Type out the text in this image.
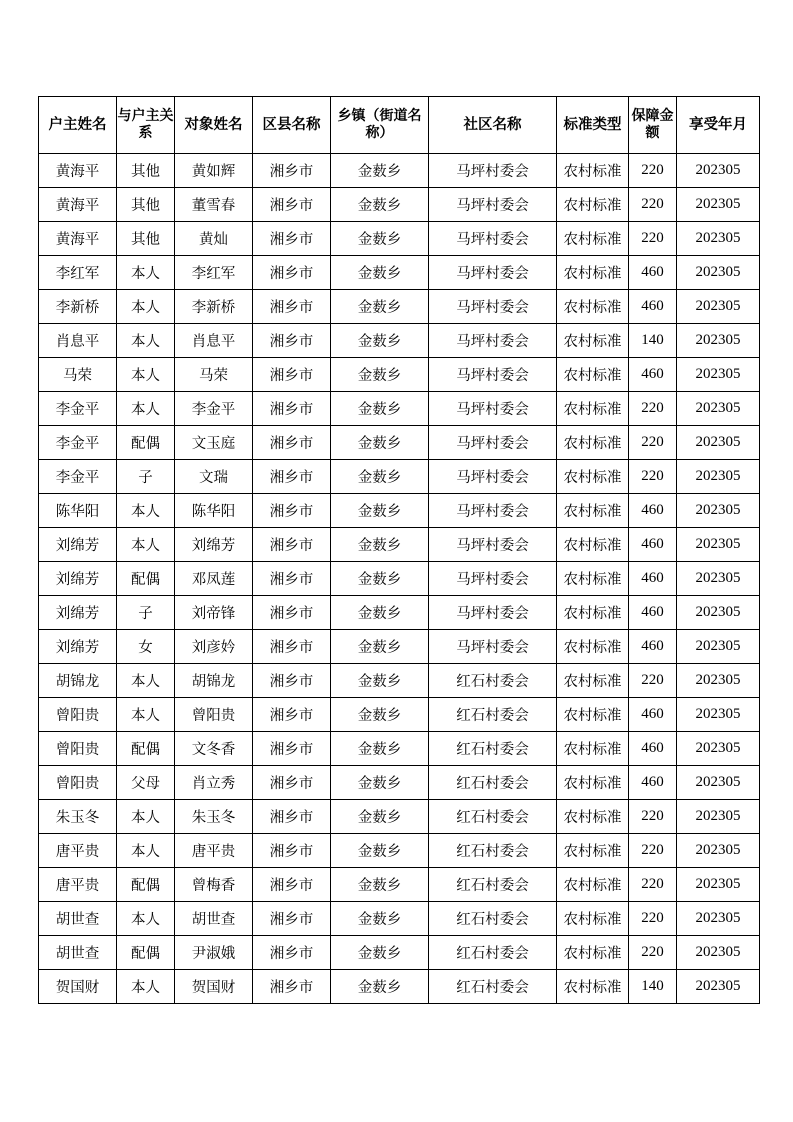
户主姓名	与户主关系	对象姓名	区县名称	乡镇（街道名称）	社区名称	标准类型	保障金额	享受年月
黄海平	其他	黄如辉	湘乡市	金薮乡	马坪村委会	农村标准	220	202305
黄海平	其他	董雪春	湘乡市	金薮乡	马坪村委会	农村标准	220	202305
黄海平	其他	黄灿	湘乡市	金薮乡	马坪村委会	农村标准	220	202305
李红军	本人	李红军	湘乡市	金薮乡	马坪村委会	农村标准	460	202305
李新桥	本人	李新桥	湘乡市	金薮乡	马坪村委会	农村标准	460	202305
肖息平	本人	肖息平	湘乡市	金薮乡	马坪村委会	农村标准	140	202305
马荣	本人	马荣	湘乡市	金薮乡	马坪村委会	农村标准	460	202305
李金平	本人	李金平	湘乡市	金薮乡	马坪村委会	农村标准	220	202305
李金平	配偶	文玉庭	湘乡市	金薮乡	马坪村委会	农村标准	220	202305
李金平	子	文瑞	湘乡市	金薮乡	马坪村委会	农村标准	220	202305
陈华阳	本人	陈华阳	湘乡市	金薮乡	马坪村委会	农村标准	460	202305
刘绵芳	本人	刘绵芳	湘乡市	金薮乡	马坪村委会	农村标准	460	202305
刘绵芳	配偶	邓凤莲	湘乡市	金薮乡	马坪村委会	农村标准	460	202305
刘绵芳	子	刘帝锋	湘乡市	金薮乡	马坪村委会	农村标准	460	202305
刘绵芳	女	刘彦妗	湘乡市	金薮乡	马坪村委会	农村标准	460	202305
胡锦龙	本人	胡锦龙	湘乡市	金薮乡	红石村委会	农村标准	220	202305
曾阳贵	本人	曾阳贵	湘乡市	金薮乡	红石村委会	农村标准	460	202305
曾阳贵	配偶	文冬香	湘乡市	金薮乡	红石村委会	农村标准	460	202305
曾阳贵	父母	肖立秀	湘乡市	金薮乡	红石村委会	农村标准	460	202305
朱玉冬	本人	朱玉冬	湘乡市	金薮乡	红石村委会	农村标准	220	202305
唐平贵	本人	唐平贵	湘乡市	金薮乡	红石村委会	农村标准	220	202305
唐平贵	配偶	曾梅香	湘乡市	金薮乡	红石村委会	农村标准	220	202305
胡世查	本人	胡世查	湘乡市	金薮乡	红石村委会	农村标准	220	202305
胡世查	配偶	尹淑娥	湘乡市	金薮乡	红石村委会	农村标准	220	202305
贺国财	本人	贺国财	湘乡市	金薮乡	红石村委会	农村标准	140	202305
